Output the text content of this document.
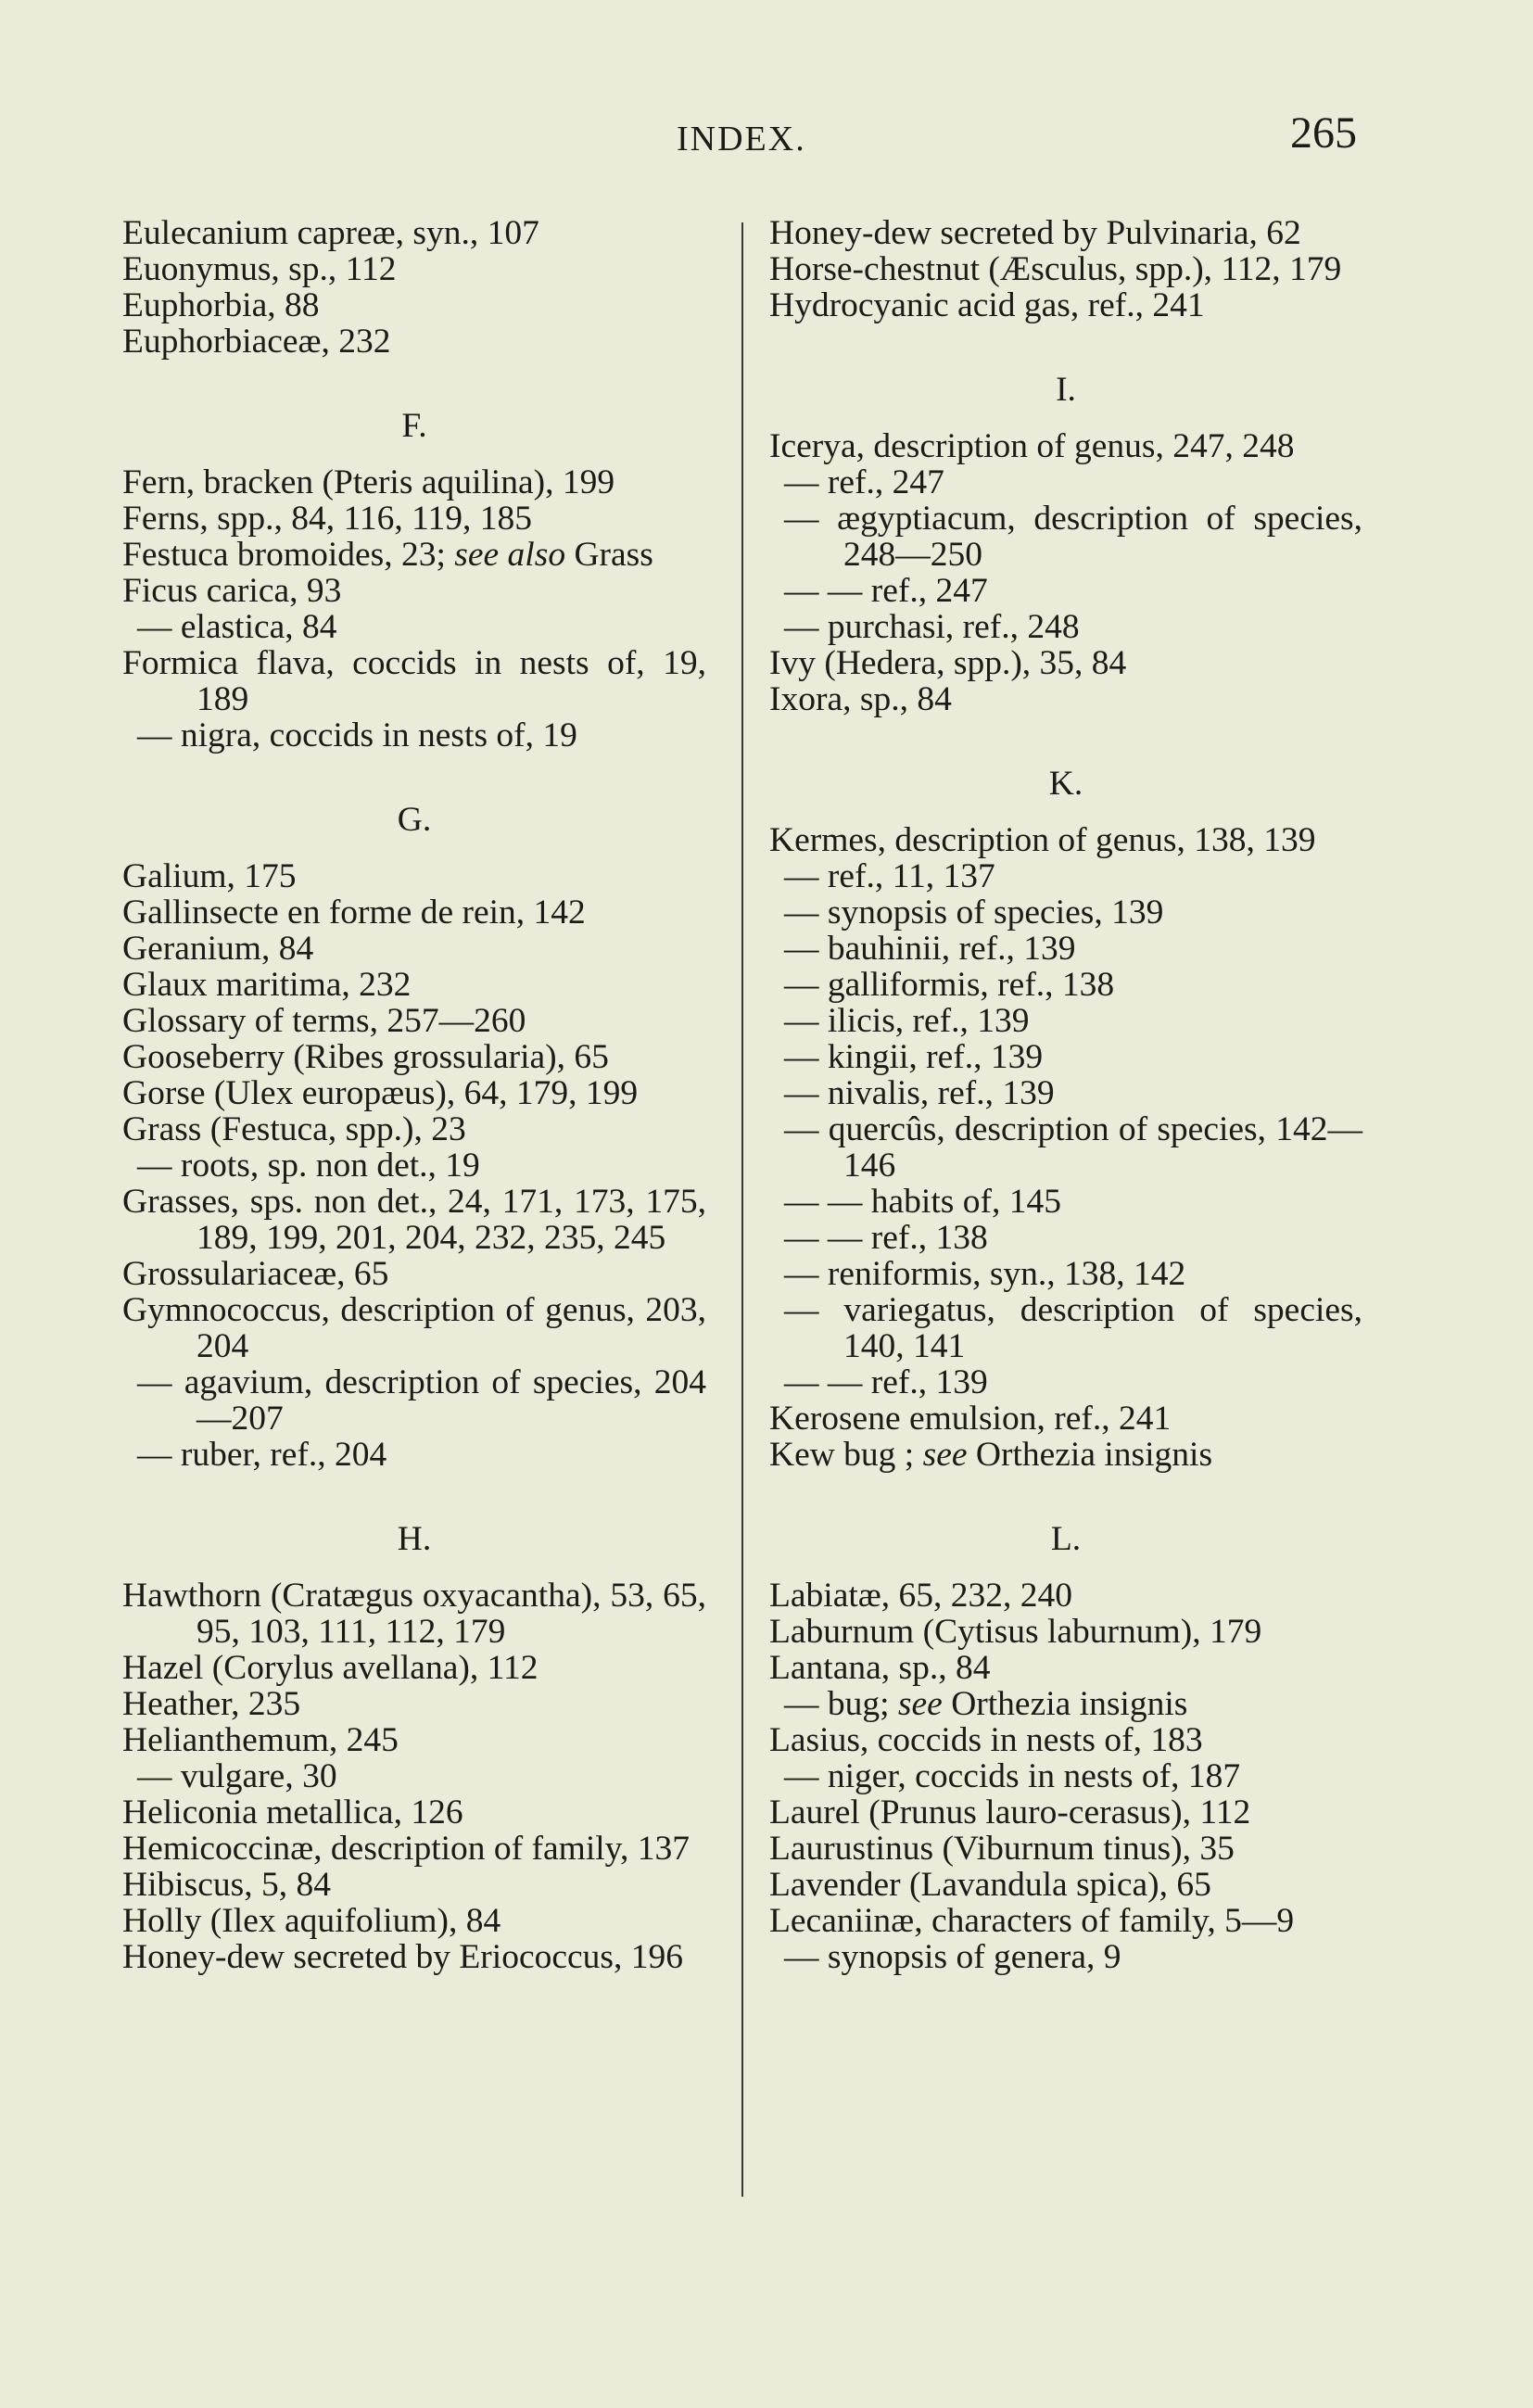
INDEX.	265

Eulecanium capreæ, syn., 107

Euonymus, sp., 112

Euphorbia, 88

Euphorbiaceæ, 232

F.

Fern, bracken (Pteris aquilina), 199

Ferns, spp., 84, 116, 119, 185

Festuca bromoides, 23; see also Grass

Ficus carica, 93

— elastica, 84

Formica flava, coccids in nests of, 19, 189

— nigra, coccids in nests of, 19

G.

Galium, 175

Gallinsecte en forme de rein, 142

Geranium, 84

Glaux maritima, 232

Glossary of terms, 257—260

Gooseberry (Ribes grossularia), 65

Gorse (Ulex europæus), 64, 179, 199

Grass (Festuca, spp.), 23

— roots, sp. non det., 19

Grasses, sps. non det., 24, 171, 173, 175, 189, 199, 201, 204, 232, 235, 245

Grossulariaceæ, 65

Gymnococcus, description of genus, 203, 204

— agavium, description of species, 204—207

— ruber, ref., 204

H.

Hawthorn (Cratægus oxyacantha), 53, 65, 95, 103, 111, 112, 179

Hazel (Corylus avellana), 112

Heather, 235

Helianthemum, 245

— vulgare, 30

Heliconia metallica, 126

Hemicoccinæ, description of family, 137

Hibiscus, 5, 84

Holly (Ilex aquifolium), 84

Honey-dew secreted by Eriococcus, 196

Honey-dew secreted by Pulvinaria, 62

Horse-chestnut (Æsculus, spp.), 112, 179

Hydrocyanic acid gas, ref., 241

I.

Icerya, description of genus, 247, 248

— ref., 247

— ægyptiacum, description of species, 248—250

— — ref., 247

— purchasi, ref., 248

Ivy (Hedera, spp.), 35, 84

Ixora, sp., 84

K.

Kermes, description of genus, 138, 139

— ref., 11, 137

— synopsis of species, 139

— bauhinii, ref., 139

— galliformis, ref., 138

— ilicis, ref., 139

— kingii, ref., 139

— nivalis, ref., 139

— quercûs, description of species, 142—146

— — habits of, 145

— — ref., 138

— reniformis, syn., 138, 142

— variegatus, description of species, 140, 141

— — ref., 139

Kerosene emulsion, ref., 241

Kew bug ; see Orthezia insignis

L.

Labiatæ, 65, 232, 240

Laburnum (Cytisus laburnum), 179

Lantana, sp., 84

— bug; see Orthezia insignis

Lasius, coccids in nests of, 183

— niger, coccids in nests of, 187

Laurel (Prunus lauro-cerasus), 112

Laurustinus (Viburnum tinus), 35

Lavender (Lavandula spica), 65

Lecaniinæ, characters of family, 5—9

— synopsis of genera, 9
